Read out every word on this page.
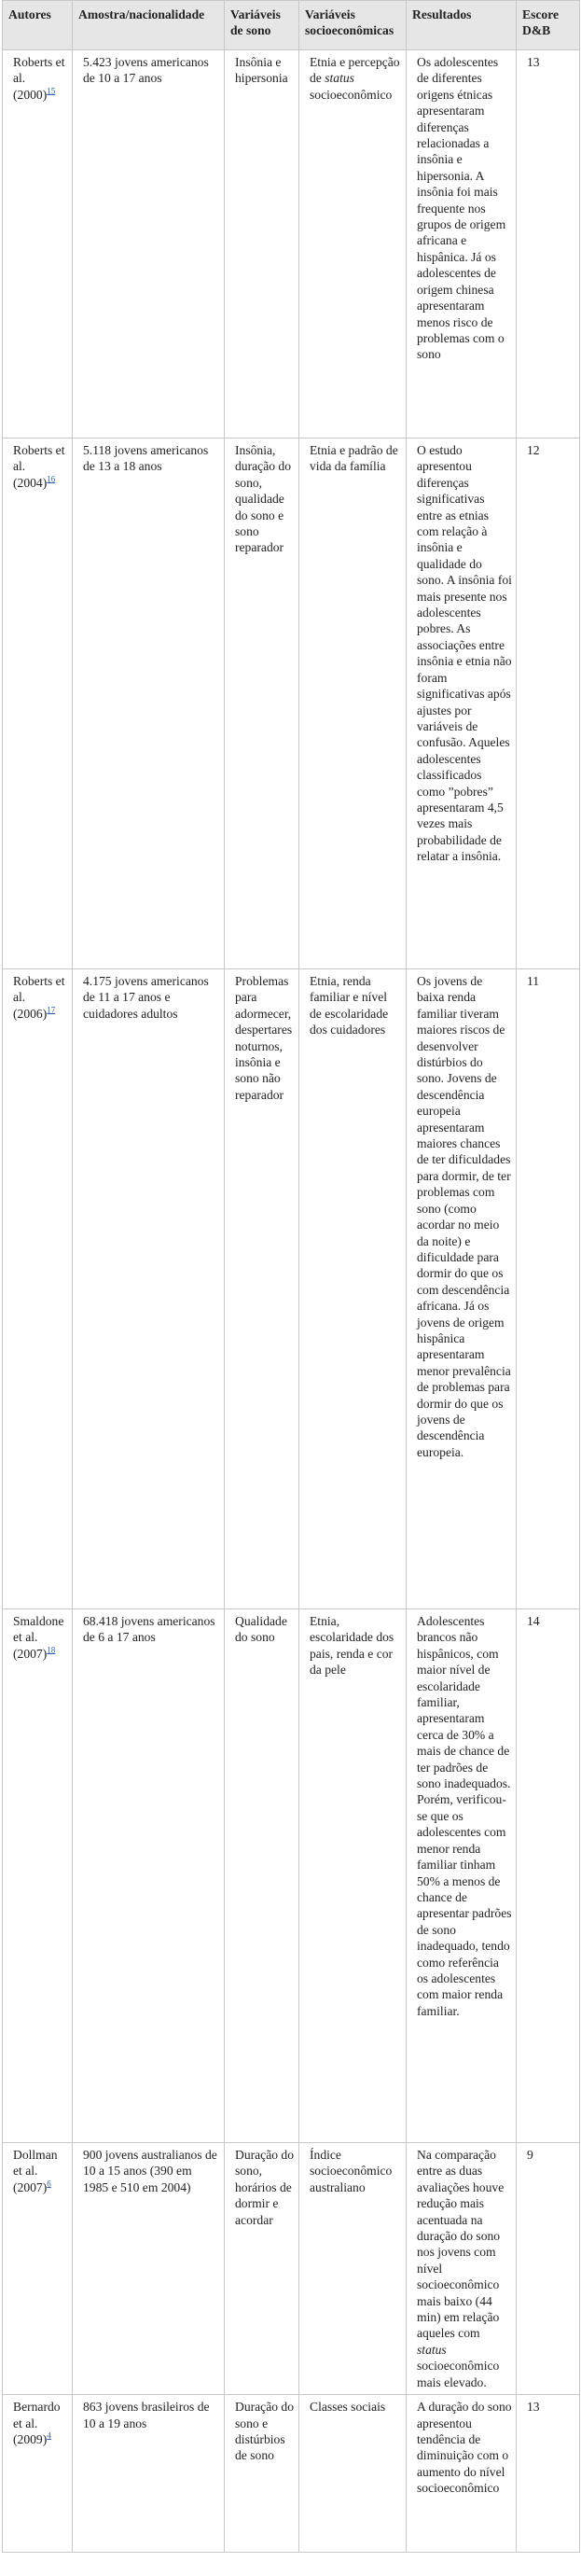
Autores	Amostra/nacionalidade	Variáveis de sono	Variáveis socioeconômicas	Resultados	Escore D&B
Roberts et al. (2000)$^{15}$	5.423 jovens americanos de 10 a 17 anos	Insônia e hipersonia	Etnia e percepção de status socioeconômico	Os adolescentes de diferentes origens étnicas apresentaram diferenças relacionadas a insônia e hipersonia. A insônia foi mais frequente nos grupos de origem africana e hispânica. Já os adolescentes de origem chinesa apresentaram menos risco de problemas com o sono	13
Roberts et al. (2004)$^{16}$	5.118 jovens americanos de 13 a 18 anos	Insônia, duração do sono, qualidade do sono e sono reparador	Etnia e padrão de vida da família	O estudo apresentou diferenças significativas entre as etnias com relação à insônia e qualidade do sono. A insônia foi mais presente nos adolescentes pobres. As associações entre insônia e etnia não foram significativas após ajustes por variáveis de confusão. Aqueles adolescentes classificados como ”pobres” apresentaram 4,5 vezes mais probabilidade de relatar a insônia.	12
Roberts et al. (2006)$^{17}$	4.175 jovens americanos de 11 a 17 anos e cuidadores adultos	Problemas para adormecer, despertares noturnos, insônia e sono não reparador	Etnia, renda familiar e nível de escolaridade dos cuidadores	Os jovens de baixa renda familiar tiveram maiores riscos de desenvolver distúrbios do sono. Jovens de descendência europeia apresentaram maiores chances de ter dificuldades para dormir, de ter problemas com sono (como acordar no meio da noite) e dificuldade para dormir do que os com descendência africana. Já os jovens de origem hispânica apresentaram menor prevalência de problemas para dormir do que os jovens de descendência europeia.	11
Smaldone et al. (2007)$^{18}$	68.418 jovens americanos de 6 a 17 anos	Qualidade do sono	Etnia, escolaridade dos pais, renda e cor da pele	Adolescentes brancos não hispânicos, com maior nível de escolaridade familiar, apresentaram cerca de 30% a mais de chance de ter padrões de sono inadequados. Porém, verificou-se que os adolescentes com menor renda familiar tinham 50% a menos de chance de apresentar padrões de sono inadequado, tendo como referência os adolescentes com maior renda familiar.	14
Dollman et al. (2007)$^6$	900 jovens australianos de 10 a 15 anos (390 em 1985 e 510 em 2004)	Duração do sono, horários de dormir e acordar	Índice socioeconômico australiano	Na comparação entre as duas avaliações houve redução mais acentuada na duração do sono nos jovens com nível socioeconômico mais baixo (44 min) em relação aqueles com status socioeconômico mais elevado.	9
Bernardo et al. (2009)$^4$	863 jovens brasileiros de 10 a 19 anos	Duração do sono e distúrbios de sono	Classes sociais	A duração do sono apresentou tendência de diminuição com o aumento do nível socioeconômico	13
